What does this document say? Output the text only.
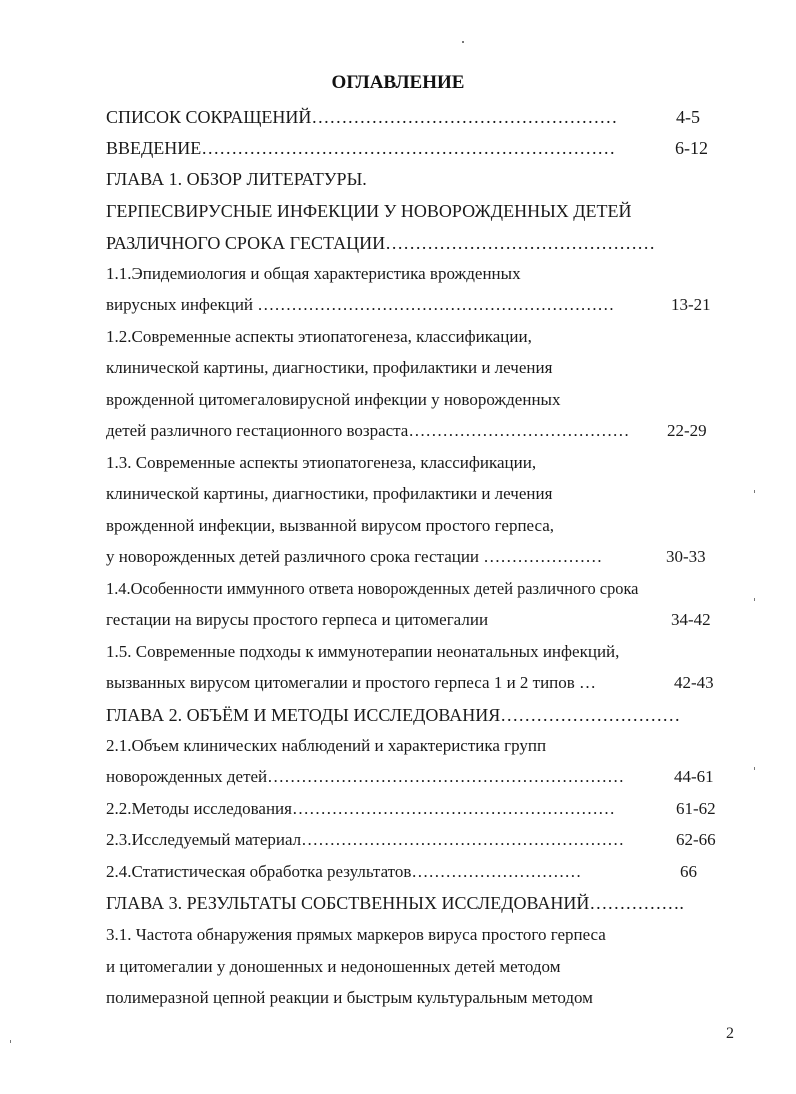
ОГЛАВЛЕНИЕ
СПИСОК СОКРАЩЕНИЙ……………………………………………	4-5
ВВЕДЕНИЕ……………………………………………………………	6-12
ГЛАВА 1. ОБЗОР ЛИТЕРАТУРЫ.
ГЕРПЕСВИРУСНЫЕ ИНФЕКЦИИ У НОВОРОЖДЕННЫХ ДЕТЕЙ
РАЗЛИЧНОГО СРОКА ГЕСТАЦИИ………………………………………
1.1.Эпидемиология и общая характеристика врожденных
вирусных инфекций ………………………………………………………	13-21
1.2.Современные аспекты этиопатогенеза, классификации,
клинической картины, диагностики, профилактики и лечения
врожденной цитомегаловирусной инфекции у новорожденных
детей различного гестационного возраста………………………………… 22-29
1.3. Современные аспекты этиопатогенеза, классификации,
клинической картины, диагностики, профилактики и лечения
врожденной инфекции, вызванной вирусом простого герпеса,
у новорожденных детей различного срока гестации …………………	30-33
1.4.Особенности иммунного ответа новорожденных детей различного срока
гестации на вирусы простого герпеса и цитомегалии	34-42
1.5. Современные подходы к иммунотерапии неонатальных инфекций,
вызванных вирусом цитомегалии и простого герпеса 1 и 2 типов …	42-43
ГЛАВА 2. ОБЪЁМ И МЕТОДЫ ИССЛЕДОВАНИЯ…………………………
2.1.Объем клинических наблюдений и характеристика групп
новорожденных детей………………………………………………………	44-61
2.2.Методы исследования…………………………………………………	61-62
2.3.Исследуемый материал…………………………………………………	62-66
2.4.Статистическая обработка результатов…………………………	66
ГЛАВА 3. РЕЗУЛЬТАТЫ СОБСТВЕННЫХ ИССЛЕДОВАНИЙ…………….
3.1. Частота обнаружения прямых маркеров вируса простого герпеса
и цитомегалии у доношенных и недоношенных детей методом
полимеразной цепной реакции и быстрым культуральным методом
2
